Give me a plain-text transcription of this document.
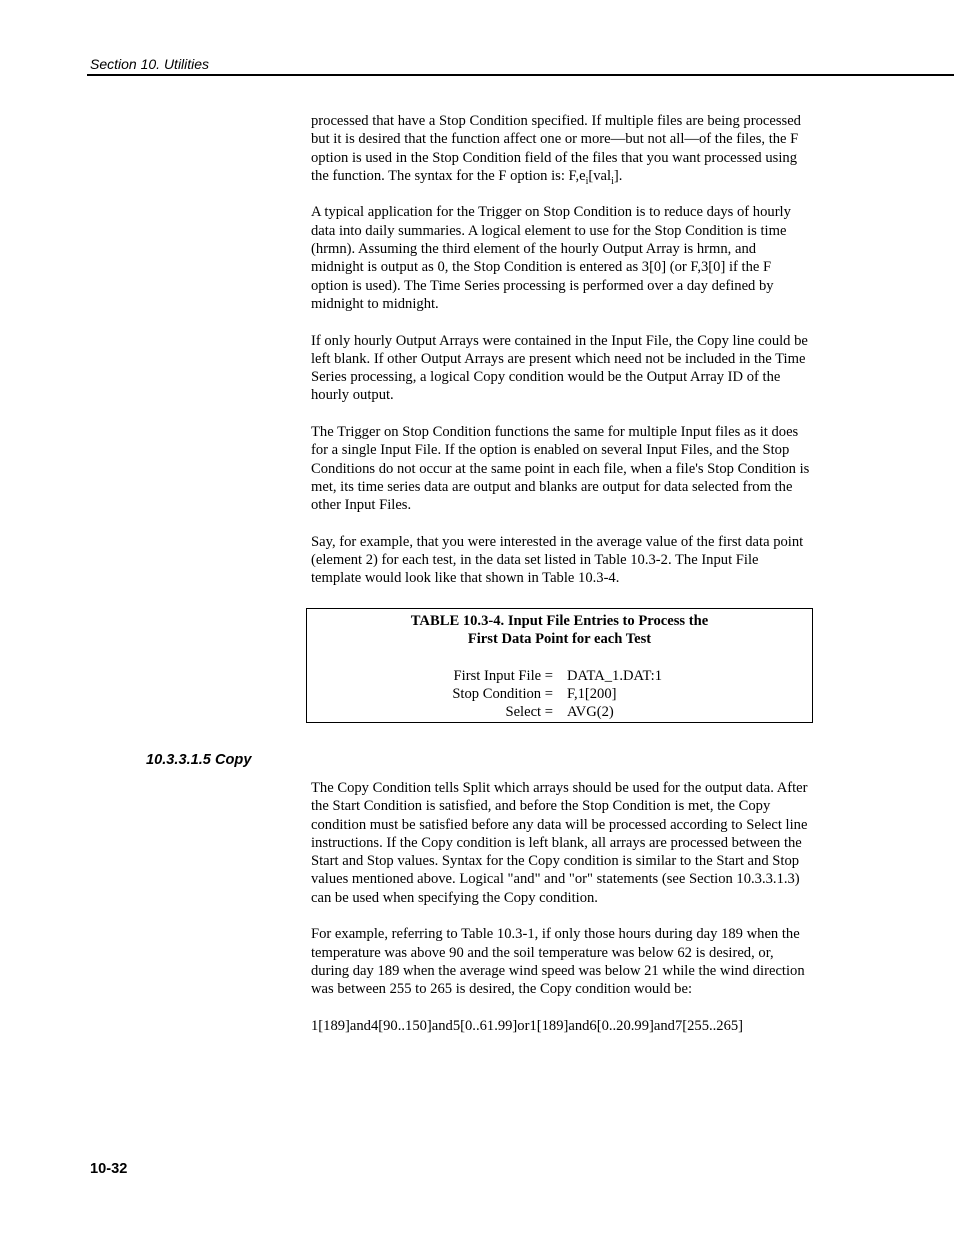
Section 10. Utilities

processed that have a Stop Condition specified. If multiple files are being processed but it is desired that the function affect one or more—but not all—of the files, the F option is used in the Stop Condition field of the files that you want processed using the function. The syntax for the F option is: $F,e_i[val_i]$.

A typical application for the Trigger on Stop Condition is to reduce days of hourly data into daily summaries. A logical element to use for the Stop Condition is time (hrmn). Assuming the third element of the hourly Output Array is hrmn, and midnight is output as 0, the Stop Condition is entered as 3[0] (or F,3[0] if the F option is used). The Time Series processing is performed over a day defined by midnight to midnight.

If only hourly Output Arrays were contained in the Input File, the Copy line could be left blank. If other Output Arrays are present which need not be included in the Time Series processing, a logical Copy condition would be the Output Array ID of the hourly output.

The Trigger on Stop Condition functions the same for multiple Input files as it does for a single Input File. If the option is enabled on several Input Files, and the Stop Conditions do not occur at the same point in each file, when a file's Stop Condition is met, its time series data are output and blanks are output for data selected from the other Input Files.

Say, for example, that you were interested in the average value of the first data point (element 2) for each test, in the data set listed in Table 10.3-2. The Input File template would look like that shown in Table 10.3-4.

TABLE 10.3-4. Input File Entries to Process the
First Data Point for each Test
First Input File = DATA_1.DAT:1
Stop Condition = F,1[200]
Select = AVG(2)
10.3.3.1.5 Copy

The Copy Condition tells Split which arrays should be used for the output data. After the Start Condition is satisfied, and before the Stop Condition is met, the Copy condition must be satisfied before any data will be processed according to Select line instructions. If the Copy condition is left blank, all arrays are processed between the Start and Stop values. Syntax for the Copy condition is similar to the Start and Stop values mentioned above. Logical "and" and "or" statements (see Section 10.3.3.1.3) can be used when specifying the Copy condition.

For example, referring to Table 10.3-1, if only those hours during day 189 when the temperature was above 90 and the soil temperature was below 62 is desired, or, during day 189 when the average wind speed was below 21 while the wind direction was between 255 to 265 is desired, the Copy condition would be:

1[189]and4[90..150]and5[0..61.99]or1[189]and6[0..20.99]and7[255..265]

10-32
